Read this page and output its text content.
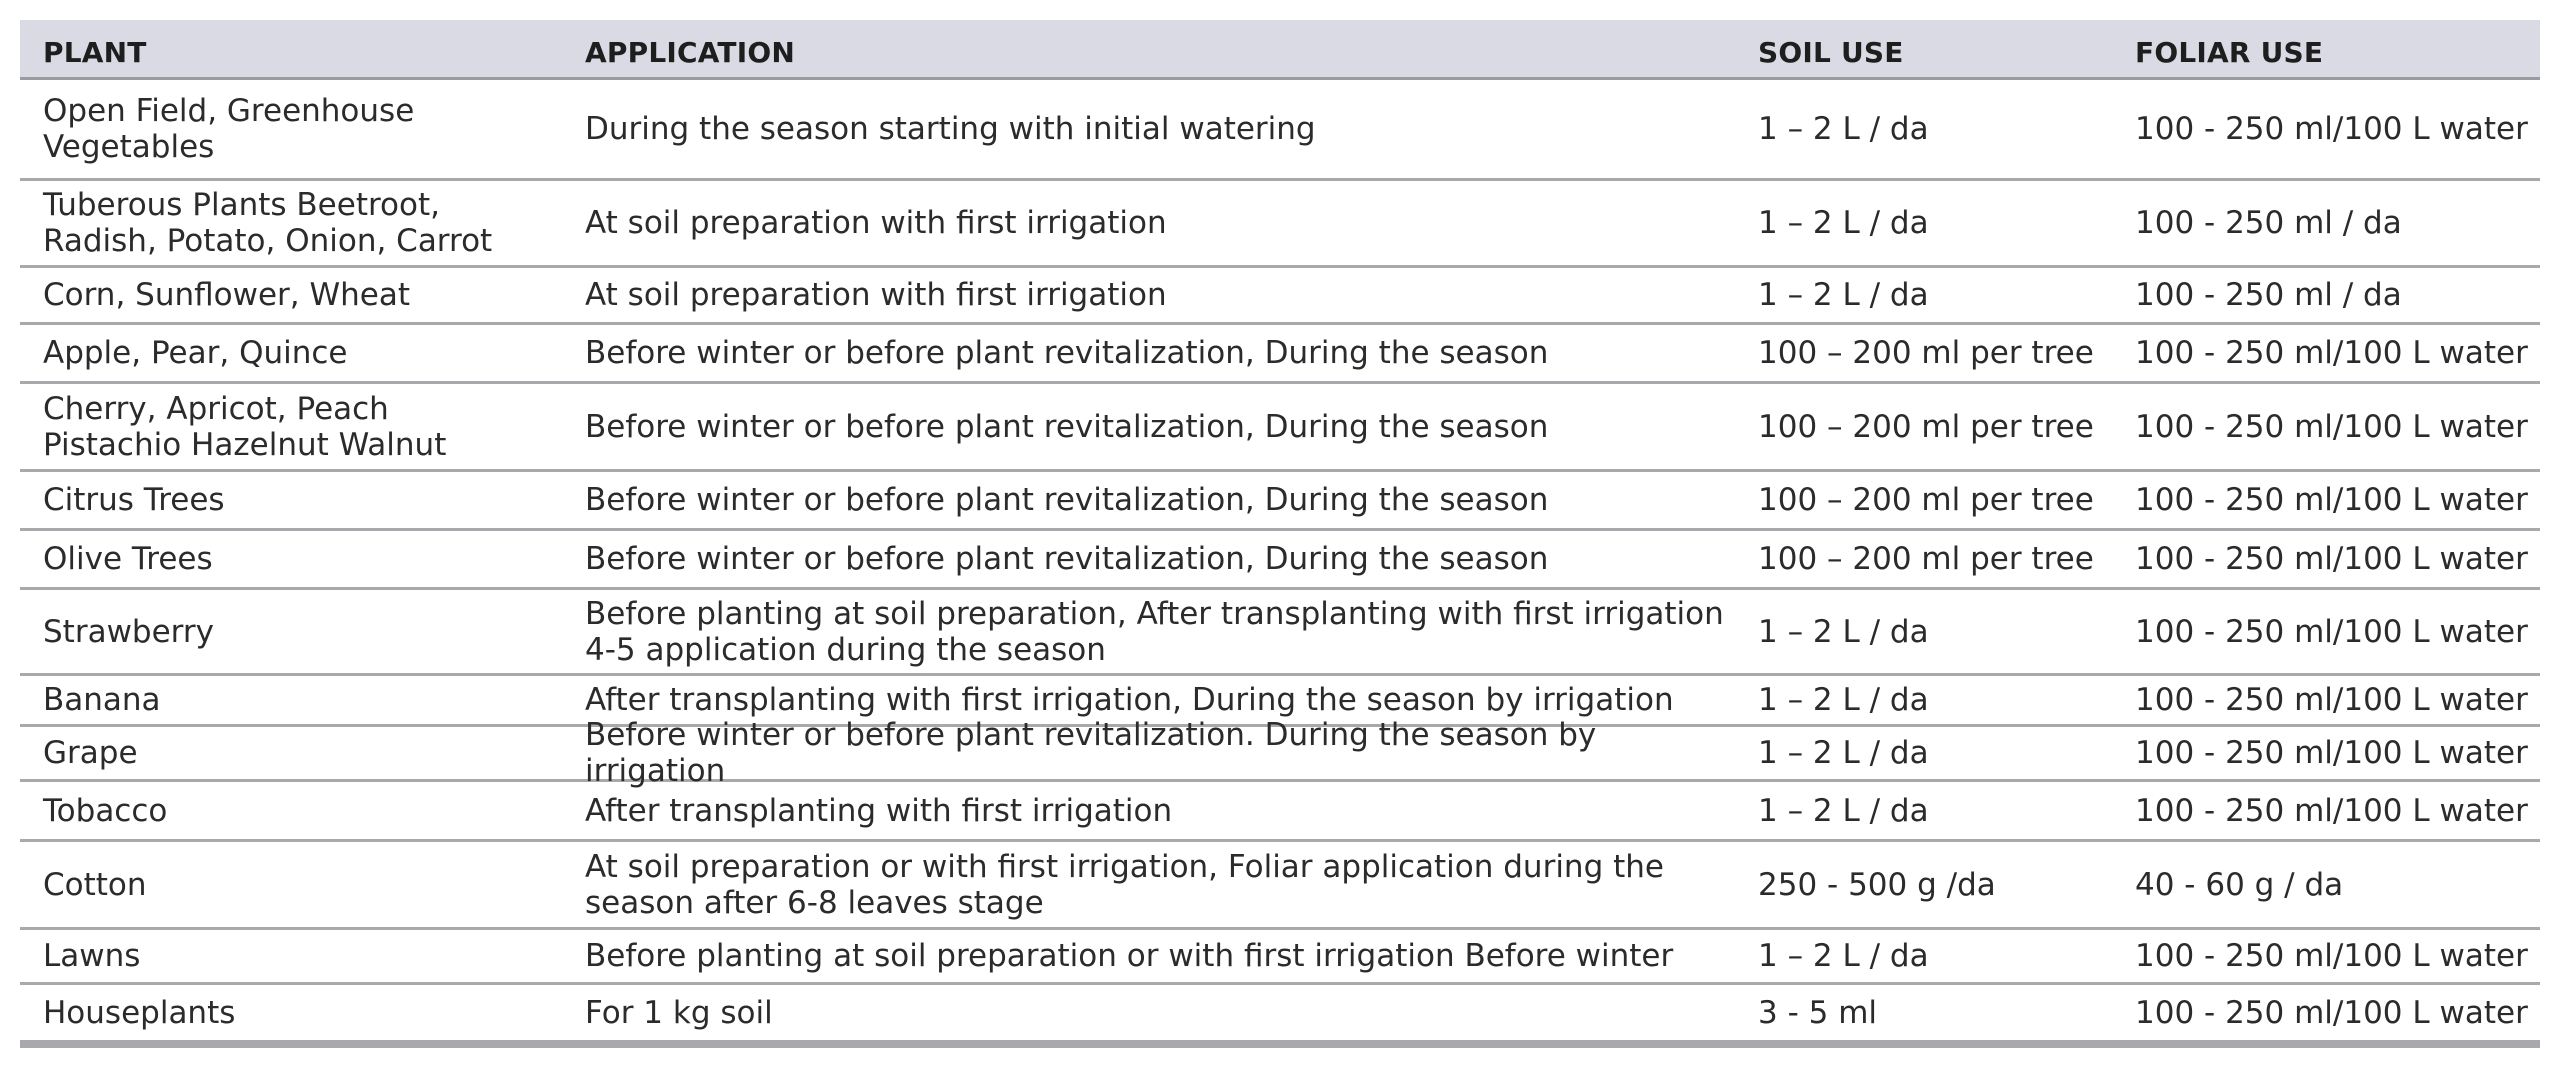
PLANT	APPLICATION	SOIL USE	FOLIAR USE
Open Field, Greenhouse
Vegetables	During the season starting with initial watering	1 – 2 L / da	100 - 250 ml/100 L water
Tuberous Plants Beetroot,
Radish, Potato, Onion, Carrot	At soil preparation with first irrigation	1 – 2 L / da	100 - 250 ml / da
Corn, Sunflower, Wheat	At soil preparation with first irrigation	1 – 2 L / da	100 - 250 ml / da
Apple, Pear, Quince	Before winter or before plant revitalization, During the season	100 – 200 ml per tree	100 - 250 ml/100 L water
Cherry, Apricot, Peach
Pistachio Hazelnut Walnut	Before winter or before plant revitalization, During the season	100 – 200 ml per tree	100 - 250 ml/100 L water
Citrus Trees	Before winter or before plant revitalization, During the season	100 – 200 ml per tree	100 - 250 ml/100 L water
Olive Trees	Before winter or before plant revitalization, During the season	100 – 200 ml per tree	100 - 250 ml/100 L water
Strawberry	Before planting at soil preparation, After transplanting with first irrigation
4-5 application during the season	1 – 2 L / da	100 - 250 ml/100 L water
Banana	After transplanting with first irrigation, During the season by irrigation	1 – 2 L / da	100 - 250 ml/100 L water
Grape	Before winter or before plant revitalization. During the season by irrigation	1 – 2 L / da	100 - 250 ml/100 L water
Tobacco	After transplanting with first irrigation	1 – 2 L / da	100 - 250 ml/100 L water
Cotton	At soil preparation or with first irrigation, Foliar application during the
season after 6-8 leaves stage	250 - 500 g /da	40 - 60 g / da
Lawns	Before planting at soil preparation or with first irrigation Before winter	1 – 2 L / da	100 - 250 ml/100 L water
Houseplants	For 1 kg soil	3 - 5 ml	100 - 250 ml/100 L water
